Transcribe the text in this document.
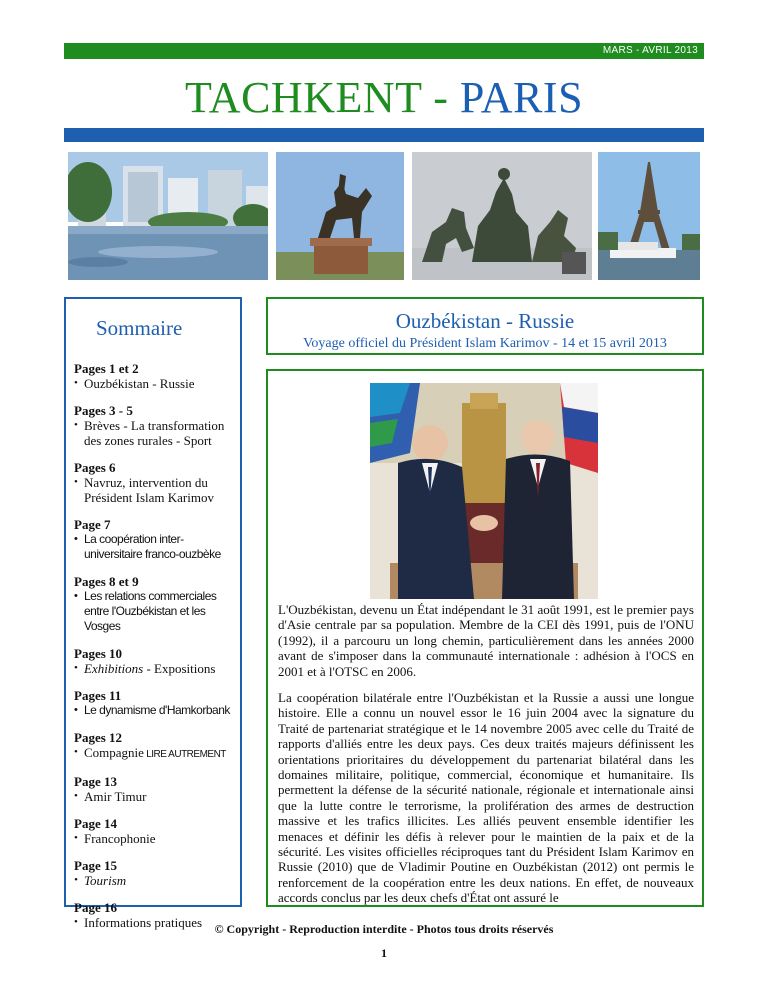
MARS - AVRIL 2013
TACHKENT - PARIS
Sommaire
Pages 1 et 2
• Ouzbékistan - Russie
Pages 3 - 5
• Brèves - La transformation des zones rurales - Sport
Pages 6
• Navruz, intervention du Président Islam Karimov
Page 7
• La coopération inter-universitaire franco-ouzbèke
Pages 8 et 9
• Les relations commerciales entre l'Ouzbékistan et les Vosges
Pages 10
• Exhibitions - Expositions
Pages 11
• Le dynamisme d'Hamkorbank
Pages 12
• Compagnie LIRE AUTREMENT
Page 13
• Amir Timur
Page 14
• Francophonie
Page 15
• Tourism
Page 16
• Informations pratiques
Ouzbékistan - Russie

Voyage officiel du Président Islam Karimov - 14 et 15 avril 2013

L'Ouzbékistan, devenu un État indépendant le 31 août 1991, est le premier pays d'Asie centrale par sa population. Membre de la CEI dès 1991, puis de l'ONU (1992), il a parcouru un long chemin, particulièrement dans les années 2000 avant de s'imposer dans la communauté internationale : adhésion à l'OCS en 2001 et à l'OTSC en 2006.

La coopération bilatérale entre l'Ouzbékistan et la Russie a aussi une longue histoire. Elle a connu un nouvel essor le 16 juin 2004 avec la signature du Traité de partenariat stratégique et le 14 novembre 2005 avec celle du Traité de rapports d'alliés entre les deux pays. Ces deux traités majeurs définissent les orientations prioritaires du développement du partenariat bilatéral dans les domaines militaire, politique, commercial, économique et humanitaire. Ils permettent la défense de la sécurité nationale, régionale et internationale ainsi que la lutte contre le terrorisme, la prolifération des armes de destruction massive et les trafics illicites. Les alliés peuvent ensemble identifier les menaces et définir les défis à relever pour le maintien de la paix et de la sécurité. Les visites officielles réciproques tant du Président Islam Karimov en Russie (2010) que de Vladimir Poutine en Ouzbékistan (2012) ont permis le renforcement de la coopération entre les deux nations. En effet, de nouveaux accords conclus par les deux chefs d'État ont assuré le

© Copyright - Reproduction interdite - Photos tous droits réservés
1
